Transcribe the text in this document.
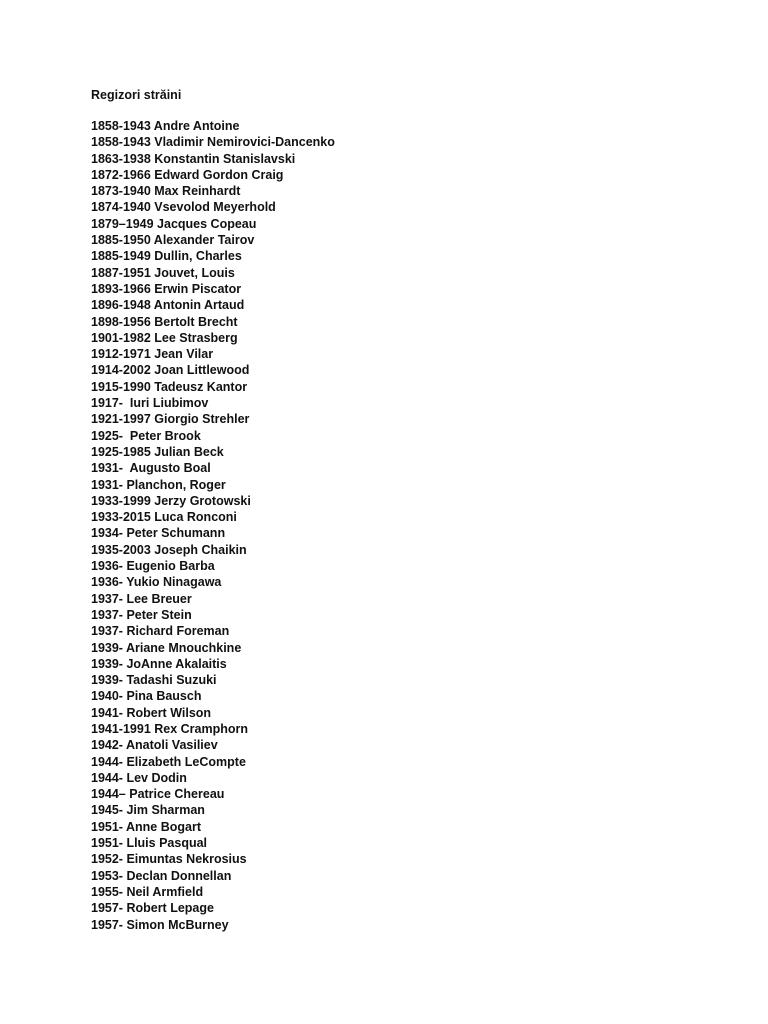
Regizori străini
1858-1943 Andre Antoine
1858-1943 Vladimir Nemirovici-Dancenko
1863-1938 Konstantin Stanislavski
1872-1966 Edward Gordon Craig
1873-1940 Max Reinhardt
1874-1940 Vsevolod Meyerhold
1879–1949 Jacques Copeau
1885-1950 Alexander Tairov
1885-1949 Dullin, Charles
1887-1951 Jouvet, Louis
1893-1966 Erwin Piscator
1896-1948 Antonin Artaud
1898-1956 Bertolt Brecht
1901-1982 Lee Strasberg
1912-1971 Jean Vilar
1914-2002 Joan Littlewood
1915-1990 Tadeusz Kantor
1917-  Iuri Liubimov
1921-1997 Giorgio Strehler
1925-  Peter Brook
1925-1985 Julian Beck
1931-  Augusto Boal
1931- Planchon, Roger
1933-1999 Jerzy Grotowski
1933-2015 Luca Ronconi
1934- Peter Schumann
1935-2003 Joseph Chaikin
1936- Eugenio Barba
1936- Yukio Ninagawa
1937- Lee Breuer
1937- Peter Stein
1937- Richard Foreman
1939- Ariane Mnouchkine
1939- JoAnne Akalaitis
1939- Tadashi Suzuki
1940- Pina Bausch
1941- Robert Wilson
1941-1991 Rex Cramphorn
1942- Anatoli Vasiliev
1944- Elizabeth LeCompte
1944- Lev Dodin
1944– Patrice Chereau
1945- Jim Sharman
1951- Anne Bogart
1951- Lluis Pasqual
1952- Eimuntas Nekrosius
1953- Declan Donnellan
1955- Neil Armfield
1957- Robert Lepage
1957- Simon McBurney
